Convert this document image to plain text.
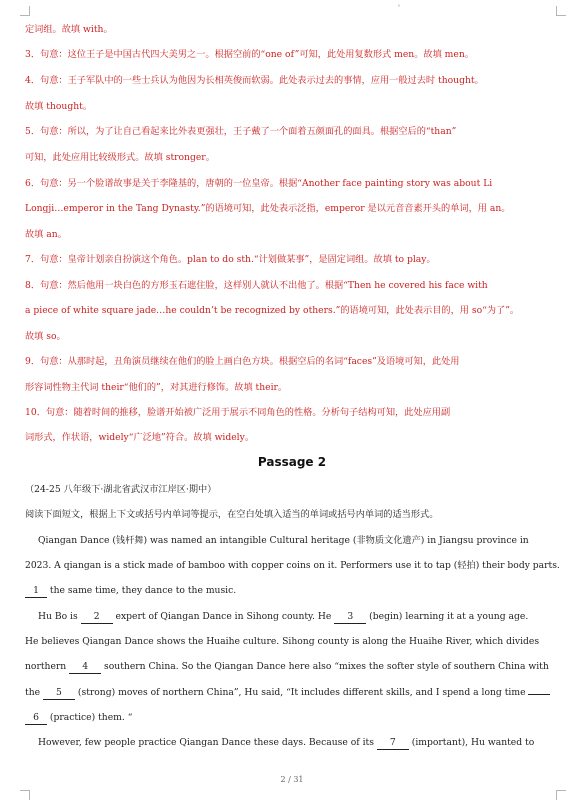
'
定词组。故填 with。
3．句意：这位王子是中国古代四大美男之一。根据空前的“one of”可知，此处用复数形式 men。故填 men。
4．句意：王子军队中的一些士兵认为他因为长相英俊而软弱。此处表示过去的事情，应用一般过去时 thought。
故填 thought。
5．句意：所以，为了让自己看起来比外表更强壮，王子戴了一个面着五颜面孔的面具。根据空后的“than”
可知，此处应用比较级形式。故填 stronger。
6．句意：另一个脸谱故事是关于李隆基的，唐朝的一位皇帝。根据“Another face painting story was about Li
Longji…emperor in the Tang Dynasty.”的语境可知，此处表示泛指，emperor 是以元音音素开头的单词，用 an。
故填 an。
7．句意：皇帝计划亲自扮演这个角色。plan to do sth.“计划做某事”，是固定词组。故填 to play。
8．句意：然后他用一块白色的方形玉石遮住脸，这样别人就认不出他了。根据“Then he covered his face with
a piece of white square jade…he couldn’t be recognized by others.”的语境可知，此处表示目的，用 so“为了”。
故填 so。
9．句意：从那时起，丑角演员继续在他们的脸上画白色方块。根据空后的名词“faces”及语境可知，此处用
形容词性物主代词 their“他们的”，对其进行修饰。故填 their。
10．句意：随着时间的推移，脸谱开始被广泛用于展示不同角色的性格。分析句子结构可知，此处应用副
词形式，作状语，widely“广泛地”符合。故填 widely。
Passage 2
（24-25 八年级下·湖北省武汉市江岸区·期中）
阅读下面短文，根据上下文或括号内单词等提示，在空白处填入适当的单词或括号内单词的适当形式。
Qiangan Dance (钱杆舞) was named an intangible Cultural heritage (非物质文化遗产) in Jiangsu province in
2023. A qiangan is a stick made of bamboo with copper coins on it. Performers use it to tap (轻拍) their body parts.
1 the same time, they dance to the music.
Hu Bo is 2 expert of Qiangan Dance in Sihong county. He 3 (begin) learning it at a young age.
He believes Qiangan Dance shows the Huaihe culture. Sihong county is along the Huaihe River, which divides
northern 4 southern China. So the Qiangan Dance here also “mixes the softer style of southern China with
the 5 (strong) moves of northern China”, Hu said, “It includes different skills, and I spend a long time
6 (practice) them. “
However, few people practice Qiangan Dance these days. Because of its 7 (important), Hu wanted to
2 / 31
